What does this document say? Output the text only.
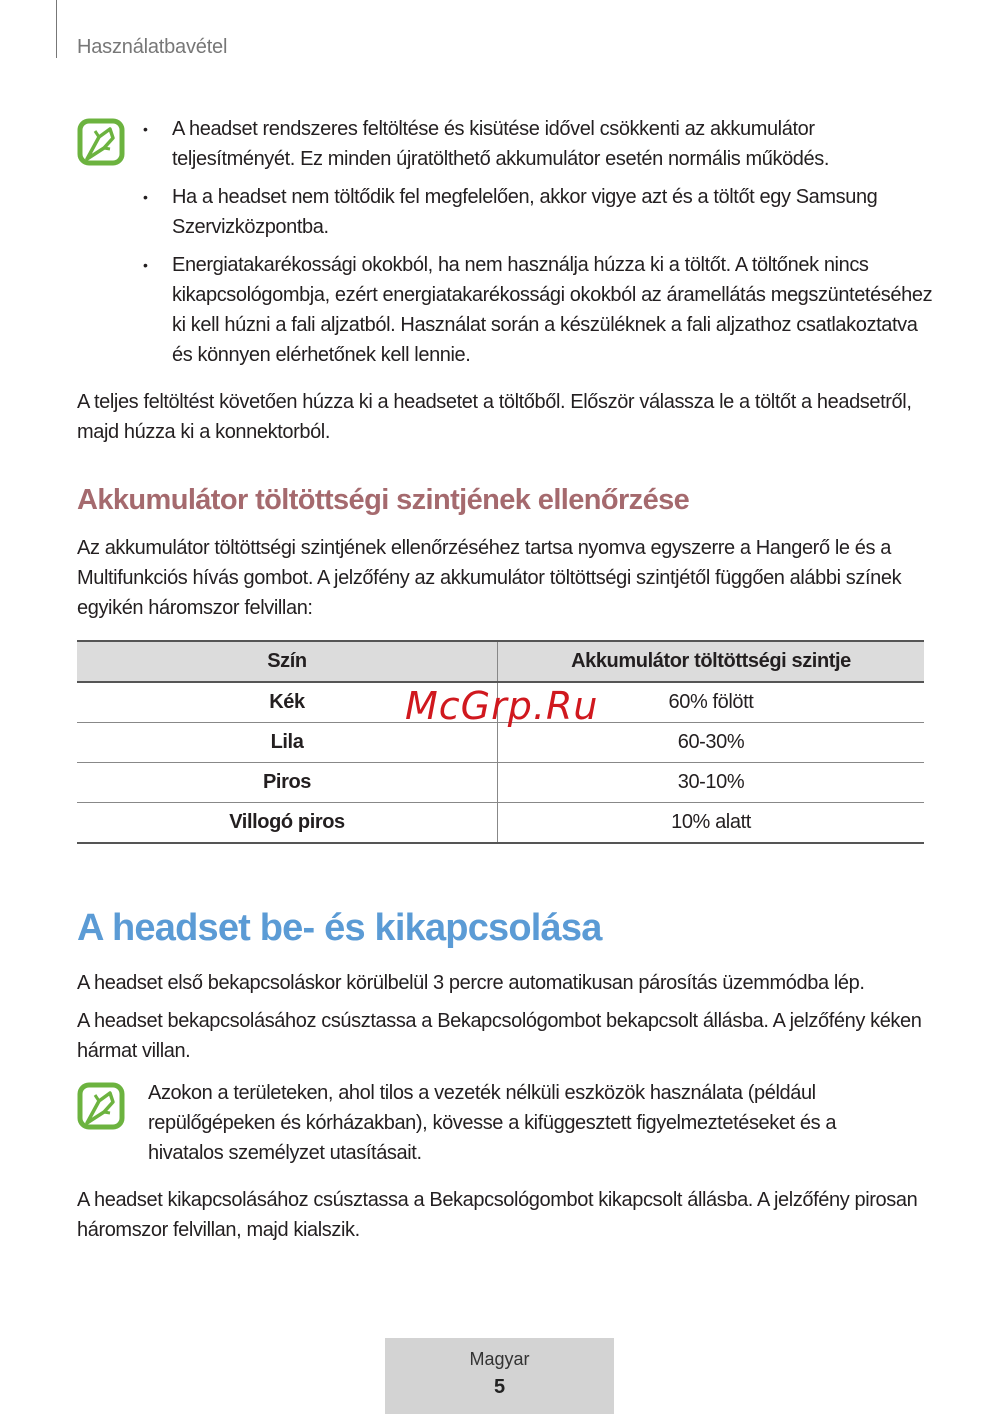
Használatbavétel
• A headset rendszeres feltöltése és kisütése idővel csökkenti az akkumulátor teljesítményét. Ez minden újratölthető akkumulátor esetén normális működés.
• Ha a headset nem töltődik fel megfelelően, akkor vigye azt és a töltőt egy Samsung Szervizközpontba.
• Energiatakarékossági okokból, ha nem használja húzza ki a töltőt. A töltőnek nincs kikapcsológombja, ezért energiatakarékossági okokból az áramellátás megszüntetéséhez ki kell húzni a fali aljzatból. Használat során a készüléknek a fali aljzathoz csatlakoztatva és könnyen elérhetőnek kell lennie.

A teljes feltöltést követően húzza ki a headsetet a töltőből. Először válassza le a töltőt a headsetről, majd húzza ki a konnektorból.

Akkumulátor töltöttségi szintjének ellenőrzése

Az akkumulátor töltöttségi szintjének ellenőrzéséhez tartsa nyomva egyszerre a Hangerő le és a Multifunkciós hívás gombot. A jelzőfény az akkumulátor töltöttségi szintjétől függően alábbi színek egyikén háromszor felvillan:

Szín	Akkumulátor töltöttségi szintje
Kék	60% fölött
Lila	60-30%
Piros	30-10%
Villogó piros	10% alatt
McGrp.Ru
A headset be- és kikapcsolása

A headset első bekapcsoláskor körülbelül 3 percre automatikusan párosítás üzemmódba lép.

A headset bekapcsolásához csúsztassa a Bekapcsológombot bekapcsolt állásba. A jelzőfény kéken hármat villan.

Azokon a területeken, ahol tilos a vezeték nélküli eszközök használata (például repülőgépeken és kórházakban), kövesse a kifüggesztett figyelmeztetéseket és a hivatalos személyzet utasításait.

A headset kikapcsolásához csúsztassa a Bekapcsológombot kikapcsolt állásba. A jelzőfény pirosan háromszor felvillan, majd kialszik.

Magyar
5
